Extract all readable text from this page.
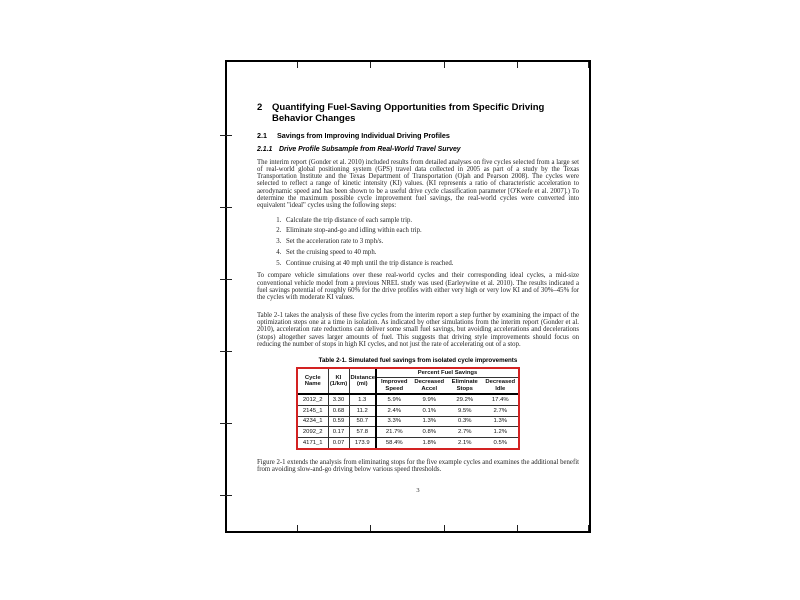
2	Quantifying Fuel-Saving Opportunities from Specific Driving Behavior Changes
2.1	Savings from Improving Individual Driving Profiles
2.1.1 Drive Profile Subsample from Real-World Travel Survey

The interim report (Gonder et al. 2010) included results from detailed analyses on five cycles selected from a large set of real-world global positioning system (GPS) travel data collected in 2005 as part of a study by the Texas Transportation Institute and the Texas Department of Transportation (Ojah and Pearson 2008). The cycles were selected to reflect a range of kinetic intensity (KI) values. (KI represents a ratio of characteristic acceleration to aerodynamic speed and has been shown to be a useful drive cycle classification parameter [O'Keefe et al. 2007].) To determine the maximum possible cycle improvement fuel savings, the real-world cycles were converted into equivalent "ideal" cycles using the following steps:

1. Calculate the trip distance of each sample trip.
2. Eliminate stop-and-go and idling within each trip.
3. Set the acceleration rate to 3 mph/s.
4. Set the cruising speed to 40 mph.
5. Continue cruising at 40 mph until the trip distance is reached.

To compare vehicle simulations over these real-world cycles and their corresponding ideal cycles, a mid-size conventional vehicle model from a previous NREL study was used (Earleywine et al. 2010). The results indicated a fuel savings potential of roughly 60% for the drive profiles with either very high or very low KI and of 30%–45% for the cycles with moderate KI values.

Table 2-1 takes the analysis of these five cycles from the interim report a step further by examining the impact of the optimization steps one at a time in isolation. As indicated by other simulations from the interim report (Gonder et al. 2010), acceleration rate reductions can deliver some small fuel savings, but avoiding accelerations and decelerations (stops) altogether saves larger amounts of fuel. This suggests that driving style improvements should focus on reducing the number of stops in high KI cycles, and not just the rate of accelerating out of a stop.

Table 2-1. Simulated fuel savings from isolated cycle improvements
Cycle Name	KI (1/km)	Distance (mi)	Percent Fuel Savings			
			Improved Speed	Decreased Accel	Eliminate Stops	Decreased Idle
2012_2	3.30	1.3	5.9%	9.9%	29.2%	17.4%
2145_1	0.68	11.2	2.4%	0.1%	9.5%	2.7%
4234_1	0.59	50.7	3.3%	1.3%	0.3%	1.3%
2092_2	0.17	57.8	21.7%	0.8%	2.7%	1.2%
4171_1	0.07	173.9	58.4%	1.8%	2.1%	0.5%

Figure 2-1 extends the analysis from eliminating stops for the five example cycles and examines the additional benefit from avoiding slow-and-go driving below various speed thresholds.

3
